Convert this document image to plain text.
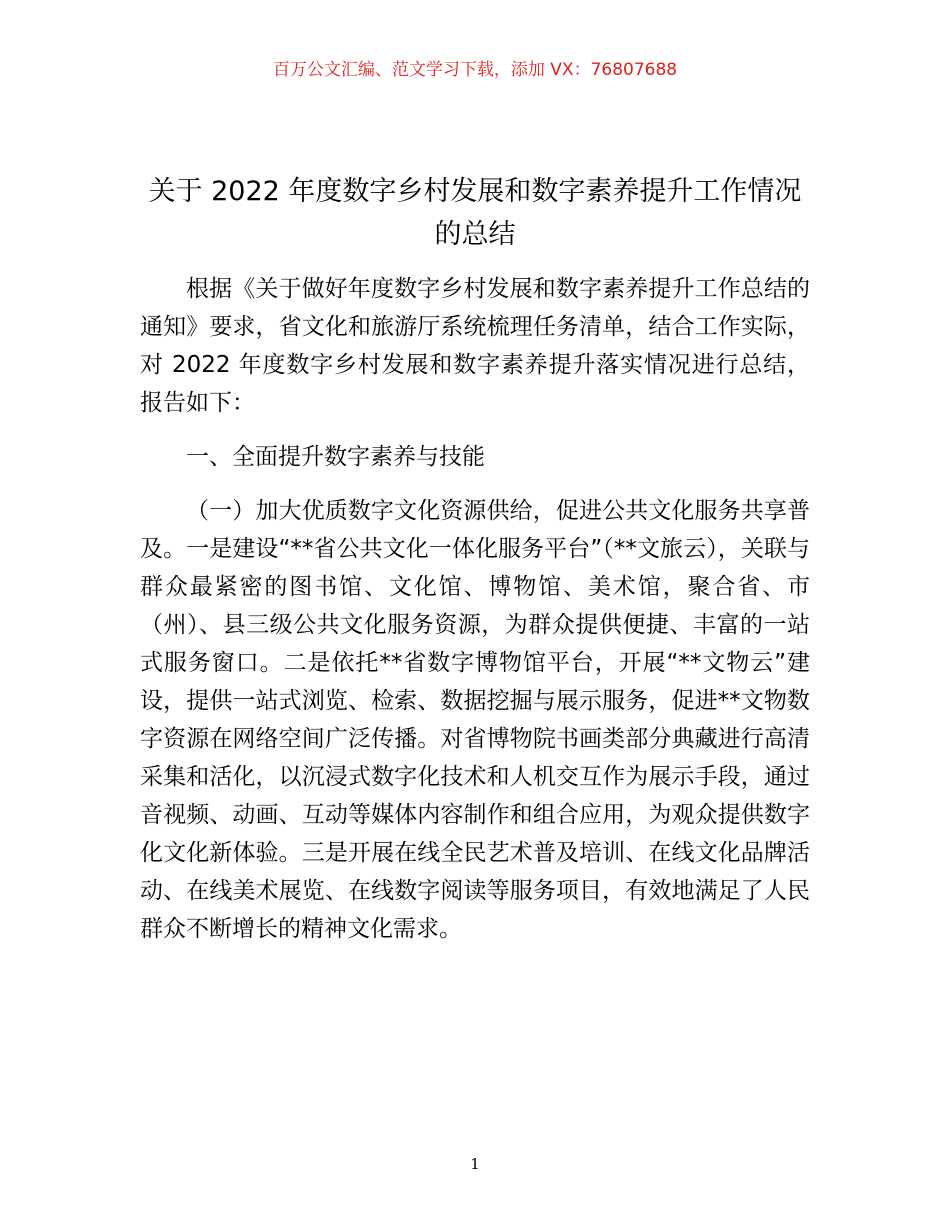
百万公文汇编、范文学习下载，添加 VX：76807688
关于 2022 年度数字乡村发展和数字素养提升工作情况的总结

根据《关于做好年度数字乡村发展和数字素养提升工作总结的通知》要求，省文化和旅游厅系统梳理任务清单，结合工作实际，对 2022 年度数字乡村发展和数字素养提升落实情况进行总结，报告如下：

一、全面提升数字素养与技能

（一）加大优质数字文化资源供给，促进公共文化服务共享普及。一是建设“**省公共文化一体化服务平台”（**文旅云），关联与群众最紧密的图书馆、文化馆、博物馆、美术馆，聚合省、市（州）、县三级公共文化服务资源，为群众提供便捷、丰富的一站式服务窗口。二是依托**省数字博物馆平台，开展“**文物云”建设，提供一站式浏览、检索、数据挖掘与展示服务，促进**文物数字资源在网络空间广泛传播。对省博物院书画类部分典藏进行高清采集和活化，以沉浸式数字化技术和人机交互作为展示手段，通过音视频、动画、互动等媒体内容制作和组合应用，为观众提供数字化文化新体验。三是开展在线全民艺术普及培训、在线文化品牌活动、在线美术展览、在线数字阅读等服务项目，有效地满足了人民群众不断增长的精神文化需求。

1
